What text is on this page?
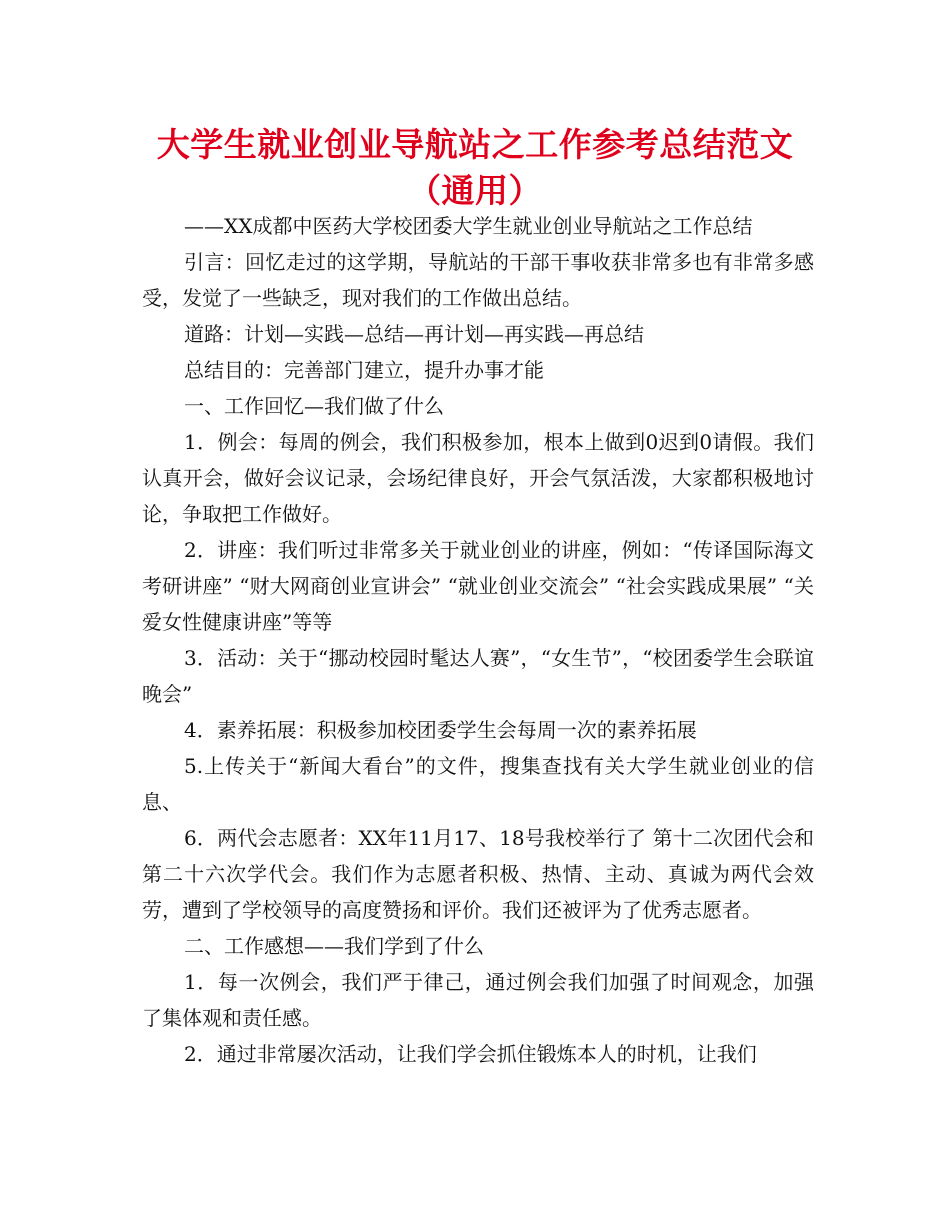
大学生就业创业导航站之工作参考总结范文（通用）

——XX成都中医药大学校团委大学生就业创业导航站之工作总结

引言：回忆走过的这学期，导航站的干部干事收获非常多也有非常多感受，发觉了一些缺乏，现对我们的工作做出总结。

道路：计划—实践—总结—再计划—再实践—再总结

总结目的：完善部门建立，提升办事才能

一、工作回忆—我们做了什么

1．例会：每周的例会，我们积极参加，根本上做到0迟到0请假。我们认真开会，做好会议记录，会场纪律良好，开会气氛活泼，大家都积极地讨论，争取把工作做好。

2．讲座：我们听过非常多关于就业创业的讲座，例如：“传译国际海文考研讲座” “财大网商创业宣讲会” “就业创业交流会” “社会实践成果展” “关爱女性健康讲座”等等

3．活动：关于“挪动校园时髦达人赛”，“女生节”，“校团委学生会联谊晚会”

4．素养拓展：积极参加校团委学生会每周一次的素养拓展

5.上传关于“新闻大看台”的文件，搜集查找有关大学生就业创业的信息、

6．两代会志愿者：XX年11月17、18号我校举行了 第十二次团代会和第二十六次学代会。我们作为志愿者积极、热情、主动、真诚为两代会效劳，遭到了学校领导的高度赞扬和评价。我们还被评为了优秀志愿者。

二、工作感想——我们学到了什么

1．每一次例会，我们严于律己，通过例会我们加强了时间观念，加强了集体观和责任感。

2．通过非常屡次活动，让我们学会抓住锻炼本人的时机，让我们
